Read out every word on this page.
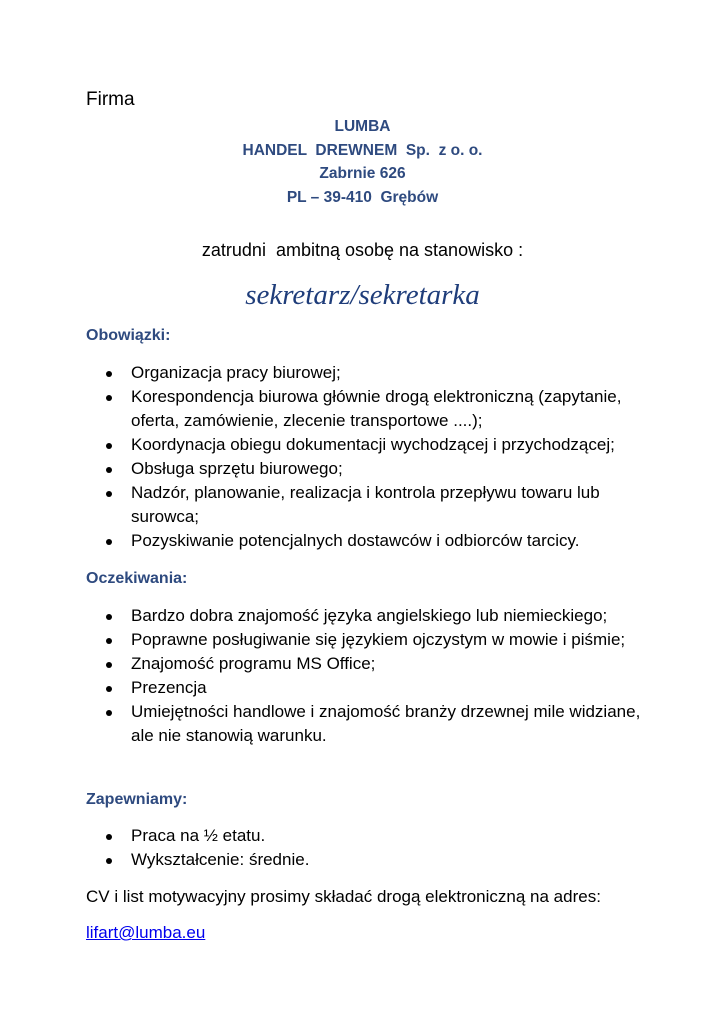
Firma
LUMBA
HANDEL  DREWNEM  Sp.  z o. o.
Zabrnie 626
PL – 39-410  Grębów
zatrudni  ambitną osobę na stanowisko :
sekretarz/sekretarka
Obowiązki:
Organizacja pracy biurowej;
Korespondencja biurowa głównie drogą elektroniczną (zapytanie, oferta, zamówienie, zlecenie transportowe ....);
Koordynacja obiegu dokumentacji wychodzącej i przychodzącej;
Obsługa sprzętu biurowego;
Nadzór, planowanie, realizacja i kontrola przepływu towaru lub surowca;
Pozyskiwanie potencjalnych dostawców i odbiorców tarcicy.
Oczekiwania:
Bardzo dobra znajomość języka angielskiego lub niemieckiego;
Poprawne posługiwanie się językiem ojczystym w mowie i piśmie;
Znajomość programu MS Office;
Prezencja
Umiejętności handlowe i znajomość branży drzewnej mile widziane, ale nie stanowią warunku.
Zapewniamy:
Praca na ½ etatu.
Wykształcenie: średnie.
CV i list motywacyjny prosimy składać drogą elektroniczną na adres:
lifart@lumba.eu
